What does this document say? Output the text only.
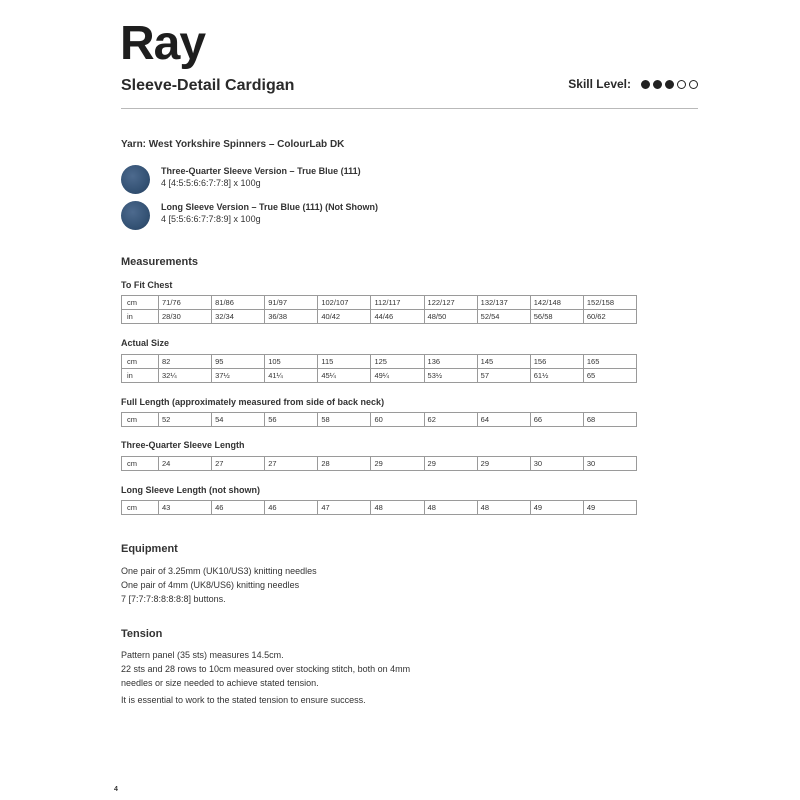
Ray
Sleeve-Detail Cardigan	Skill Level:
Yarn: West Yorkshire Spinners – ColourLab DK
Three-Quarter Sleeve Version – True Blue (111)
4 [4:5:5:6:6:7:7:8] x 100g
Long Sleeve Version – True Blue (111) (Not Shown)
4 [5:5:6:6:7:7:8:9] x 100g
Measurements
To Fit Chest
cm	71/76	81/86	91/97	102/107	112/117	122/127	132/137	142/148	152/158
in	28/30	32/34	36/38	40/42	44/46	48/50	52/54	56/58	60/62
Actual Size
cm	82	95	105	115	125	136	145	156	165
in	32¼	37½	41¼	45¼	49¼	53½	57	61½	65
Full Length (approximately measured from side of back neck)
cm	52	54	56	58	60	62	64	66	68
Three-Quarter Sleeve Length
cm	24	27	27	28	29	29	29	30	30
Long Sleeve Length (not shown)
cm	43	46	46	47	48	48	48	49	49
Equipment

One pair of 3.25mm (UK10/US3) knitting needles

One pair of 4mm (UK8/US6) knitting needles

7 [7:7:7:8:8:8:8:8] buttons.

Tension

Pattern panel (35 sts) measures 14.5cm.

22 sts and 28 rows to 10cm measured over stocking stitch, both on 4mm

needles or size needed to achieve stated tension.

It is essential to work to the stated tension to ensure success.

4
